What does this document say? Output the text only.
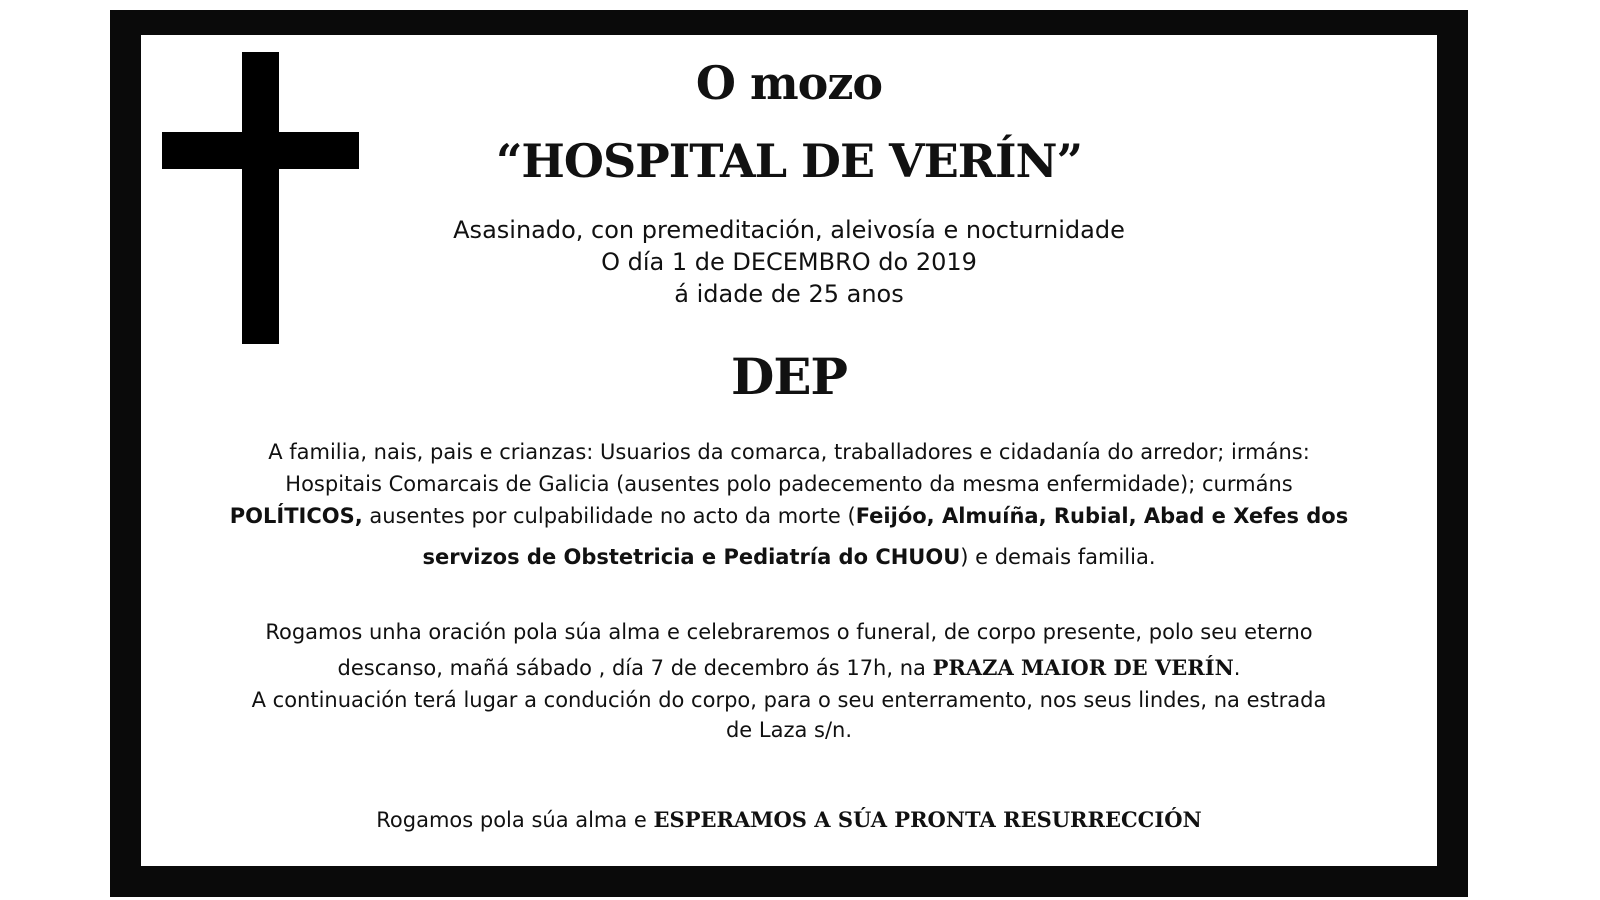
O mozo
“HOSPITAL DE VERÍN”
Asasinado, con premeditación, aleivosía e nocturnidade
O día 1 de DECEMBRO do 2019
á idade de 25 anos
DEP
A familia, nais, pais e crianzas: Usuarios da comarca, traballadores e cidadanía do arredor; irmáns:
Hospitais Comarcais de Galicia (ausentes polo padecemento da mesma enfermidade); curmáns
POLÍTICOS, ausentes por culpabilidade no acto da morte (Feijóo, Almuíña, Rubial, Abad e Xefes dos
servizos de Obstetricia e Pediatría do CHUOU) e demais familia.
Rogamos unha oración pola súa alma e celebraremos o funeral, de corpo presente, polo seu eterno
descanso, mañá sábado , día 7 de decembro ás 17h, na PRAZA MAIOR DE VERÍN.
A continuación terá lugar a condución do corpo, para o seu enterramento, nos seus lindes, na estrada
de Laza s/n.
Rogamos pola súa alma e ESPERAMOS A SÚA PRONTA RESURRECCIÓN
